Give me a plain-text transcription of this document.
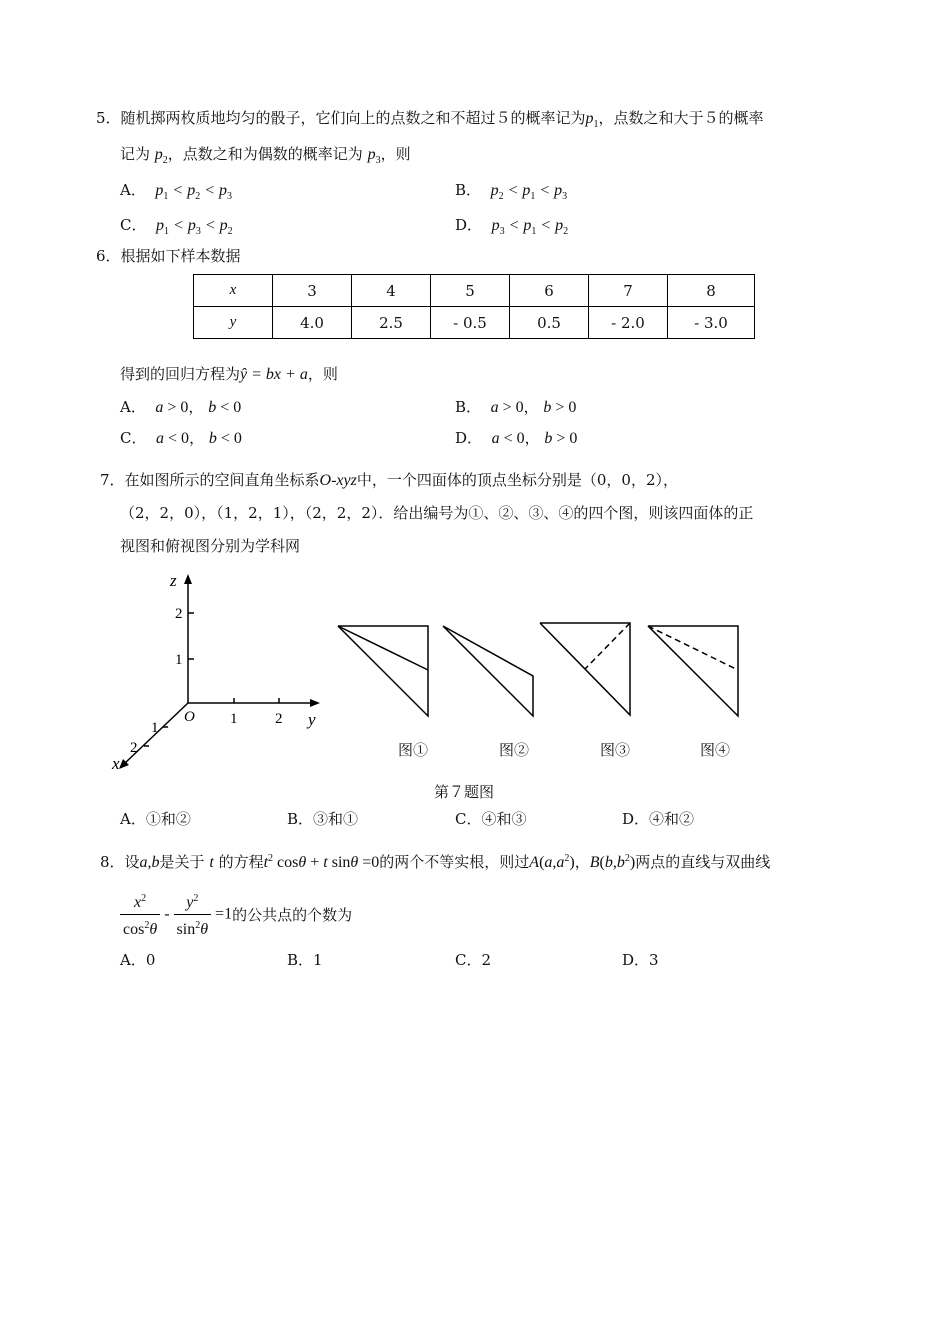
5．随机掷两枚质地均匀的骰子，它们向上的点数之和不超过５的概率记为$p_1$，点数之和大于５的概率
记为 $p_2$，点数之和为偶数的概率记为 $p_3$，则
A． $p_1 < p_2 < p_3$	B． $p_2 < p_1 < p_3$
C． $p_1 < p_3 < p_2$	D． $p_3 < p_1 < p_2$
6．根据如下样本数据
x	3	4	5	6	7	8
y	4.0	2.5	- 0.5	0.5	- 2.0	- 3.0
得到的回归方程为ŷ = bx + a，则
A． a > 0， b < 0	B． a > 0， b > 0
C． a < 0， b < 0	D． a < 0， b > 0
7．在如图所示的空间直角坐标系O-xyz中，一个四面体的顶点坐标分别是（0，0，2），
（2，2，0），（1，2，1），（2，2，2）．给出编号为①、②、③、④的四个图，则该四面体的正
视图和俯视图分别为学科网
z
2
1
O 1	2 y
1
2
x
图①	图②	图③	图④
第７题图
A．①和②	B．③和①	C．④和③	D．④和②
8．设a,b是关于 t 的方程$t^2$ cosθ + t sinθ =0的两个不等实根，则过$A(a,a^2)$，$B(b,b^2)$两点的直线与双曲线
$\frac{x^2}{\cos^2\theta} - \frac{y^2}{\sin^2\theta} =1$的公共点的个数为
A．0	B．1	C．2	D．3
